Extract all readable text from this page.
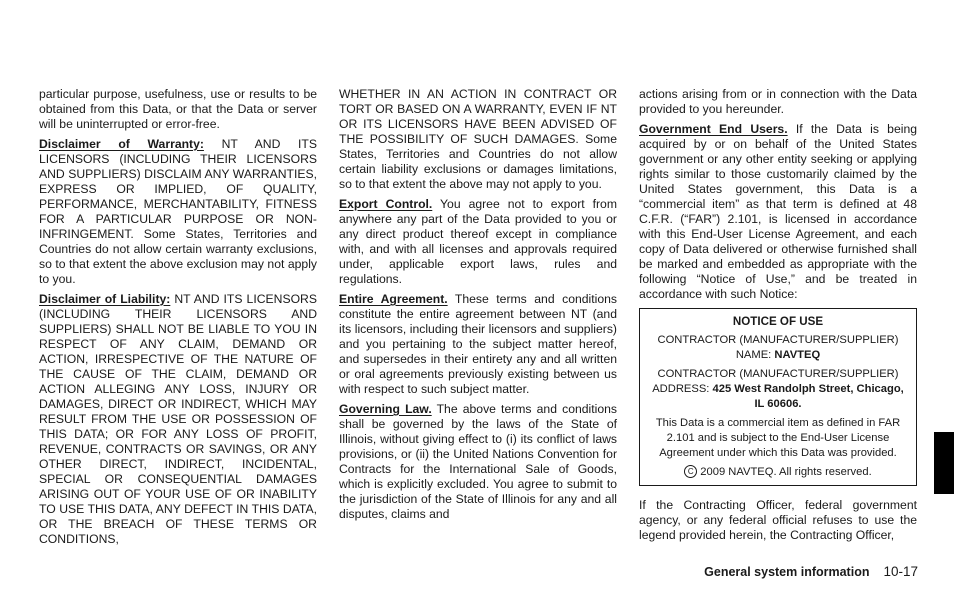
particular purpose, usefulness, use or results to be obtained from this Data, or that the Data or server will be uninterrupted or error-free.

Disclaimer of Warranty: NT AND ITS LICENSORS (INCLUDING THEIR LICENSORS AND SUPPLIERS) DISCLAIM ANY WARRANTIES, EXPRESS OR IMPLIED, OF QUALITY, PERFORMANCE, MERCHANTABILITY, FITNESS FOR A PARTICULAR PURPOSE OR NON-INFRINGEMENT. Some States, Territories and Countries do not allow certain warranty exclusions, so to that extent the above exclusion may not apply to you.

Disclaimer of Liability: NT AND ITS LICENSORS (INCLUDING THEIR LICENSORS AND SUPPLIERS) SHALL NOT BE LIABLE TO YOU IN RESPECT OF ANY CLAIM, DEMAND OR ACTION, IRRESPECTIVE OF THE NATURE OF THE CAUSE OF THE CLAIM, DEMAND OR ACTION ALLEGING ANY LOSS, INJURY OR DAMAGES, DIRECT OR INDIRECT, WHICH MAY RESULT FROM THE USE OR POSSESSION OF THIS DATA; OR FOR ANY LOSS OF PROFIT, REVENUE, CONTRACTS OR SAVINGS, OR ANY OTHER DIRECT, INDIRECT, INCIDENTAL, SPECIAL OR CONSEQUENTIAL DAMAGES ARISING OUT OF YOUR USE OF OR INABILITY TO USE THIS DATA, ANY DEFECT IN THIS DATA, OR THE BREACH OF THESE TERMS OR CONDITIONS,

WHETHER IN AN ACTION IN CONTRACT OR TORT OR BASED ON A WARRANTY, EVEN IF NT OR ITS LICENSORS HAVE BEEN ADVISED OF THE POSSIBILITY OF SUCH DAMAGES. Some States, Territories and Countries do not allow certain liability exclusions or damages limitations, so to that extent the above may not apply to you.

Export Control. You agree not to export from anywhere any part of the Data provided to you or any direct product thereof except in compliance with, and with all licenses and approvals required under, applicable export laws, rules and regulations.

Entire Agreement. These terms and conditions constitute the entire agreement between NT (and its licensors, including their licensors and suppliers) and you pertaining to the subject matter hereof, and supersedes in their entirety any and all written or oral agreements previously existing between us with respect to such subject matter.

Governing Law. The above terms and conditions shall be governed by the laws of the State of Illinois, without giving effect to (i) its conflict of laws provisions, or (ii) the United Nations Convention for Contracts for the International Sale of Goods, which is explicitly excluded. You agree to submit to the jurisdiction of the State of Illinois for any and all disputes, claims and

actions arising from or in connection with the Data provided to you hereunder.

Government End Users. If the Data is being acquired by or on behalf of the United States government or any other entity seeking or applying rights similar to those customarily claimed by the United States government, this Data is a “commercial item” as that term is defined at 48 C.F.R. (“FAR”) 2.101, is licensed in accordance with this End-User License Agreement, and each copy of Data delivered or otherwise furnished shall be marked and embedded as appropriate with the following “Notice of Use,” and be treated in accordance with such Notice:

NOTICE OF USE
CONTRACTOR (MANUFACTURER/SUPPLIER) NAME: NAVTEQ
CONTRACTOR (MANUFACTURER/SUPPLIER) ADDRESS: 425 West Randolph Street, Chicago, IL 60606.
This Data is a commercial item as defined in FAR 2.101 and is subject to the End-User License Agreement under which this Data was provided.
C 2009 NAVTEQ. All rights reserved.

If the Contracting Officer, federal government agency, or any federal official refuses to use the legend provided herein, the Contracting Officer,

General system information 10-17
